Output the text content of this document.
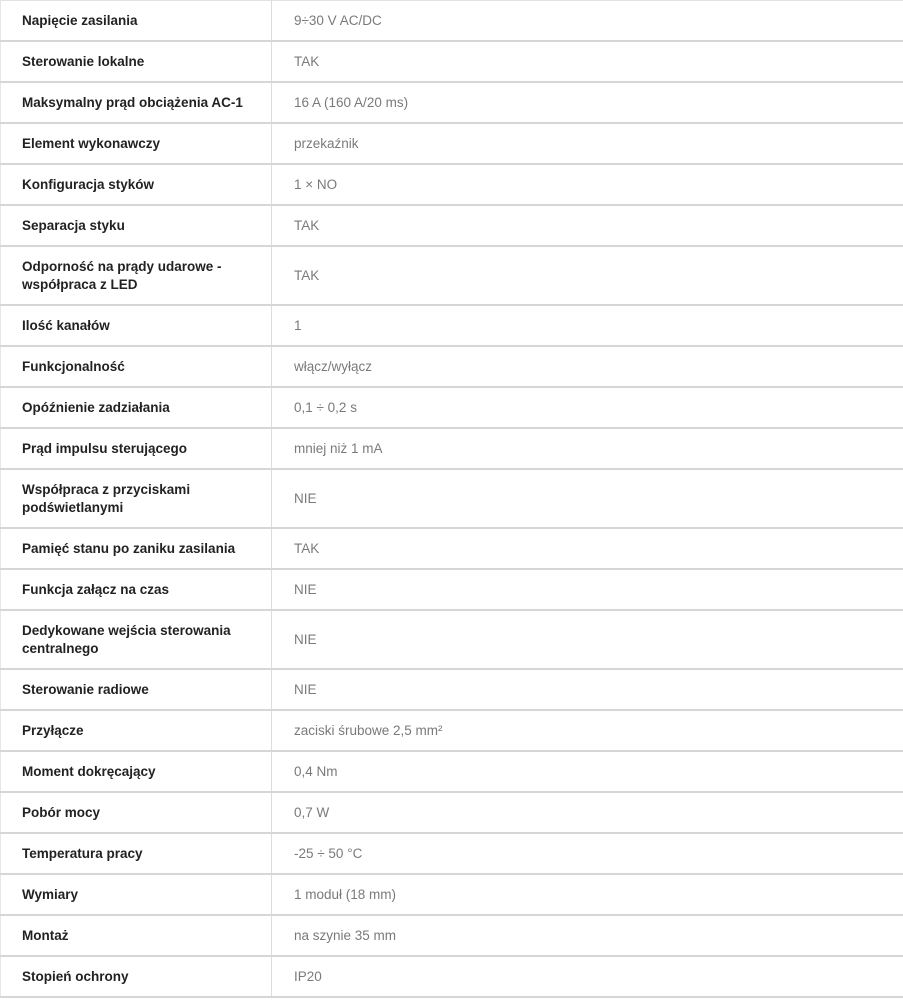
Napięcie zasilania	9÷30 V AC/DC
Sterowanie lokalne	TAK
Maksymalny prąd obciążenia AC-1	16 A (160 A/20 ms)
Element wykonawczy	przekaźnik
Konfiguracja styków	1 × NO
Separacja styku	TAK
Odporność na prądy udarowe - współpraca z LED	TAK
Ilość kanałów	1
Funkcjonalność	włącz/wyłącz
Opóźnienie zadziałania	0,1 ÷ 0,2 s
Prąd impulsu sterującego	mniej niż 1 mA
Współpraca z przyciskami podświetlanymi	NIE
Pamięć stanu po zaniku zasilania	TAK
Funkcja załącz na czas	NIE
Dedykowane wejścia sterowania centralnego	NIE
Sterowanie radiowe	NIE
Przyłącze	zaciski śrubowe 2,5 mm²
Moment dokręcający	0,4 Nm
Pobór mocy	0,7 W
Temperatura pracy	-25 ÷ 50 °C
Wymiary	1 moduł (18 mm)
Montaż	na szynie 35 mm
Stopień ochrony	IP20
